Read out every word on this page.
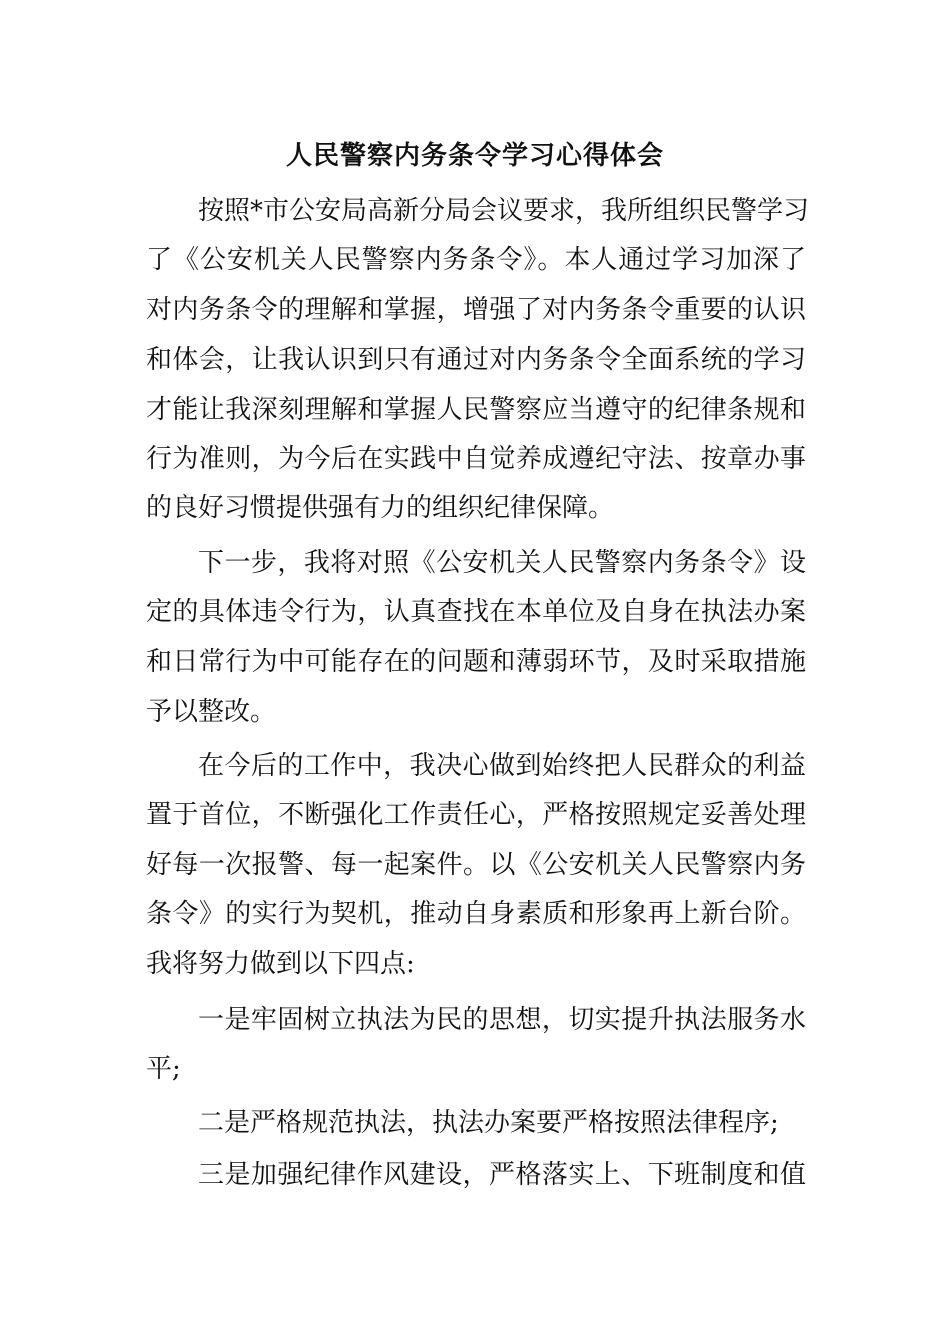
人民警察内务条令学习心得体会

按照*市公安局高新分局会议要求，我所组织民警学习

了《公安机关人民警察内务条令》。本人通过学习加深了

对内务条令的理解和掌握，增强了对内务条令重要的认识

和体会，让我认识到只有通过对内务条令全面系统的学习

才能让我深刻理解和掌握人民警察应当遵守的纪律条规和

行为准则，为今后在实践中自觉养成遵纪守法、按章办事

的良好习惯提供强有力的组织纪律保障。

下一步，我将对照《公安机关人民警察内务条令》设

定的具体违令行为，认真查找在本单位及自身在执法办案

和日常行为中可能存在的问题和薄弱环节，及时采取措施

予以整改。

在今后的工作中，我决心做到始终把人民群众的利益

置于首位，不断强化工作责任心，严格按照规定妥善处理

好每一次报警、每一起案件。以《公安机关人民警察内务

条令》的实行为契机，推动自身素质和形象再上新台阶。

我将努力做到以下四点:

一是牢固树立执法为民的思想，切实提升执法服务水

平;

二是严格规范执法，执法办案要严格按照法律程序;

三是加强纪律作风建设，严格落实上、下班制度和值
